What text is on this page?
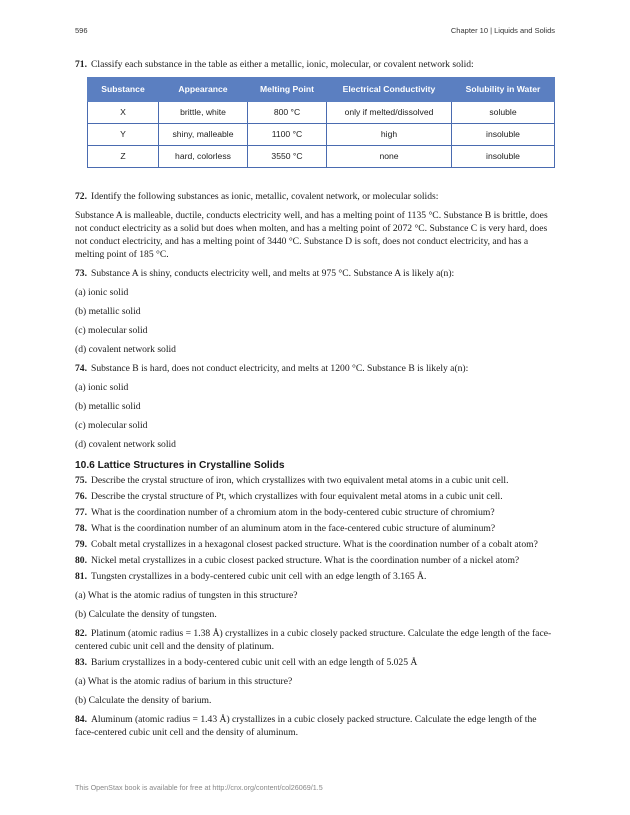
596	Chapter 10 | Liquids and Solids

71. Classify each substance in the table as either a metallic, ionic, molecular, or covalent network solid:

Substance	Appearance	Melting Point	Electrical Conductivity	Solubility in Water
X	brittle, white	800 °C	only if melted/dissolved	soluble
Y	shiny, malleable	1100 °C	high	insoluble
Z	hard, colorless	3550 °C	none	insoluble

72. Identify the following substances as ionic, metallic, covalent network, or molecular solids:

Substance A is malleable, ductile, conducts electricity well, and has a melting point of 1135 °C. Substance B is brittle, does not conduct electricity as a solid but does when molten, and has a melting point of 2072 °C. Substance C is very hard, does not conduct electricity, and has a melting point of 3440 °C. Substance D is soft, does not conduct electricity, and has a melting point of 185 °C.

73. Substance A is shiny, conducts electricity well, and melts at 975 °C. Substance A is likely a(n):

(a) ionic solid

(b) metallic solid

(c) molecular solid

(d) covalent network solid

74. Substance B is hard, does not conduct electricity, and melts at 1200 °C. Substance B is likely a(n):

(a) ionic solid

(b) metallic solid

(c) molecular solid

(d) covalent network solid

10.6 Lattice Structures in Crystalline Solids

75. Describe the crystal structure of iron, which crystallizes with two equivalent metal atoms in a cubic unit cell.

76. Describe the crystal structure of Pt, which crystallizes with four equivalent metal atoms in a cubic unit cell.

77. What is the coordination number of a chromium atom in the body-centered cubic structure of chromium?

78. What is the coordination number of an aluminum atom in the face-centered cubic structure of aluminum?

79. Cobalt metal crystallizes in a hexagonal closest packed structure. What is the coordination number of a cobalt atom?

80. Nickel metal crystallizes in a cubic closest packed structure. What is the coordination number of a nickel atom?

81. Tungsten crystallizes in a body-centered cubic unit cell with an edge length of 3.165 Å.

(a) What is the atomic radius of tungsten in this structure?

(b) Calculate the density of tungsten.

82. Platinum (atomic radius = 1.38 Å) crystallizes in a cubic closely packed structure. Calculate the edge length of the face-centered cubic unit cell and the density of platinum.

83. Barium crystallizes in a body-centered cubic unit cell with an edge length of 5.025 Å

(a) What is the atomic radius of barium in this structure?

(b) Calculate the density of barium.

84. Aluminum (atomic radius = 1.43 Å) crystallizes in a cubic closely packed structure. Calculate the edge length of the face-centered cubic unit cell and the density of aluminum.

This OpenStax book is available for free at http://cnx.org/content/col26069/1.5
